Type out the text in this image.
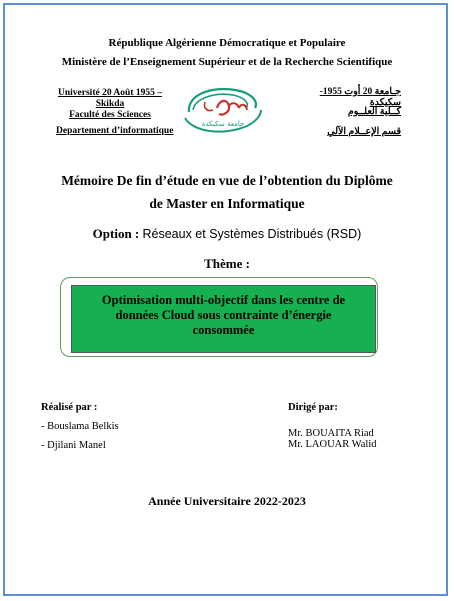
République Algérienne Démocratique et Populaire
Ministère de l’Enseignement Supérieur et de la Recherche Scientifique
Université 20 Août 1955 – Skikda
Faculté des Sciences
Departement d’informatique
جـامعة 20 أوت 1955- سكيكدة
كــلية العلــوم
قسم الإعــلام الآلي
جامعة سكيكدة
Mémoire De fin d’étude en vue de l’obtention du Diplôme
de Master en Informatique
Option : Réseaux et Systèmes Distribués (RSD)
Thème :
Optimisation multi-objectif dans les centre de
données Cloud sous contrainte d’énergie
consommée
Réalisé par :
- Bouslama Belkis
- Djilani Manel
Dirigé par:
Mr. BOUAITA Riad
Mr. LAOUAR Walid
Année Universitaire 2022-2023
